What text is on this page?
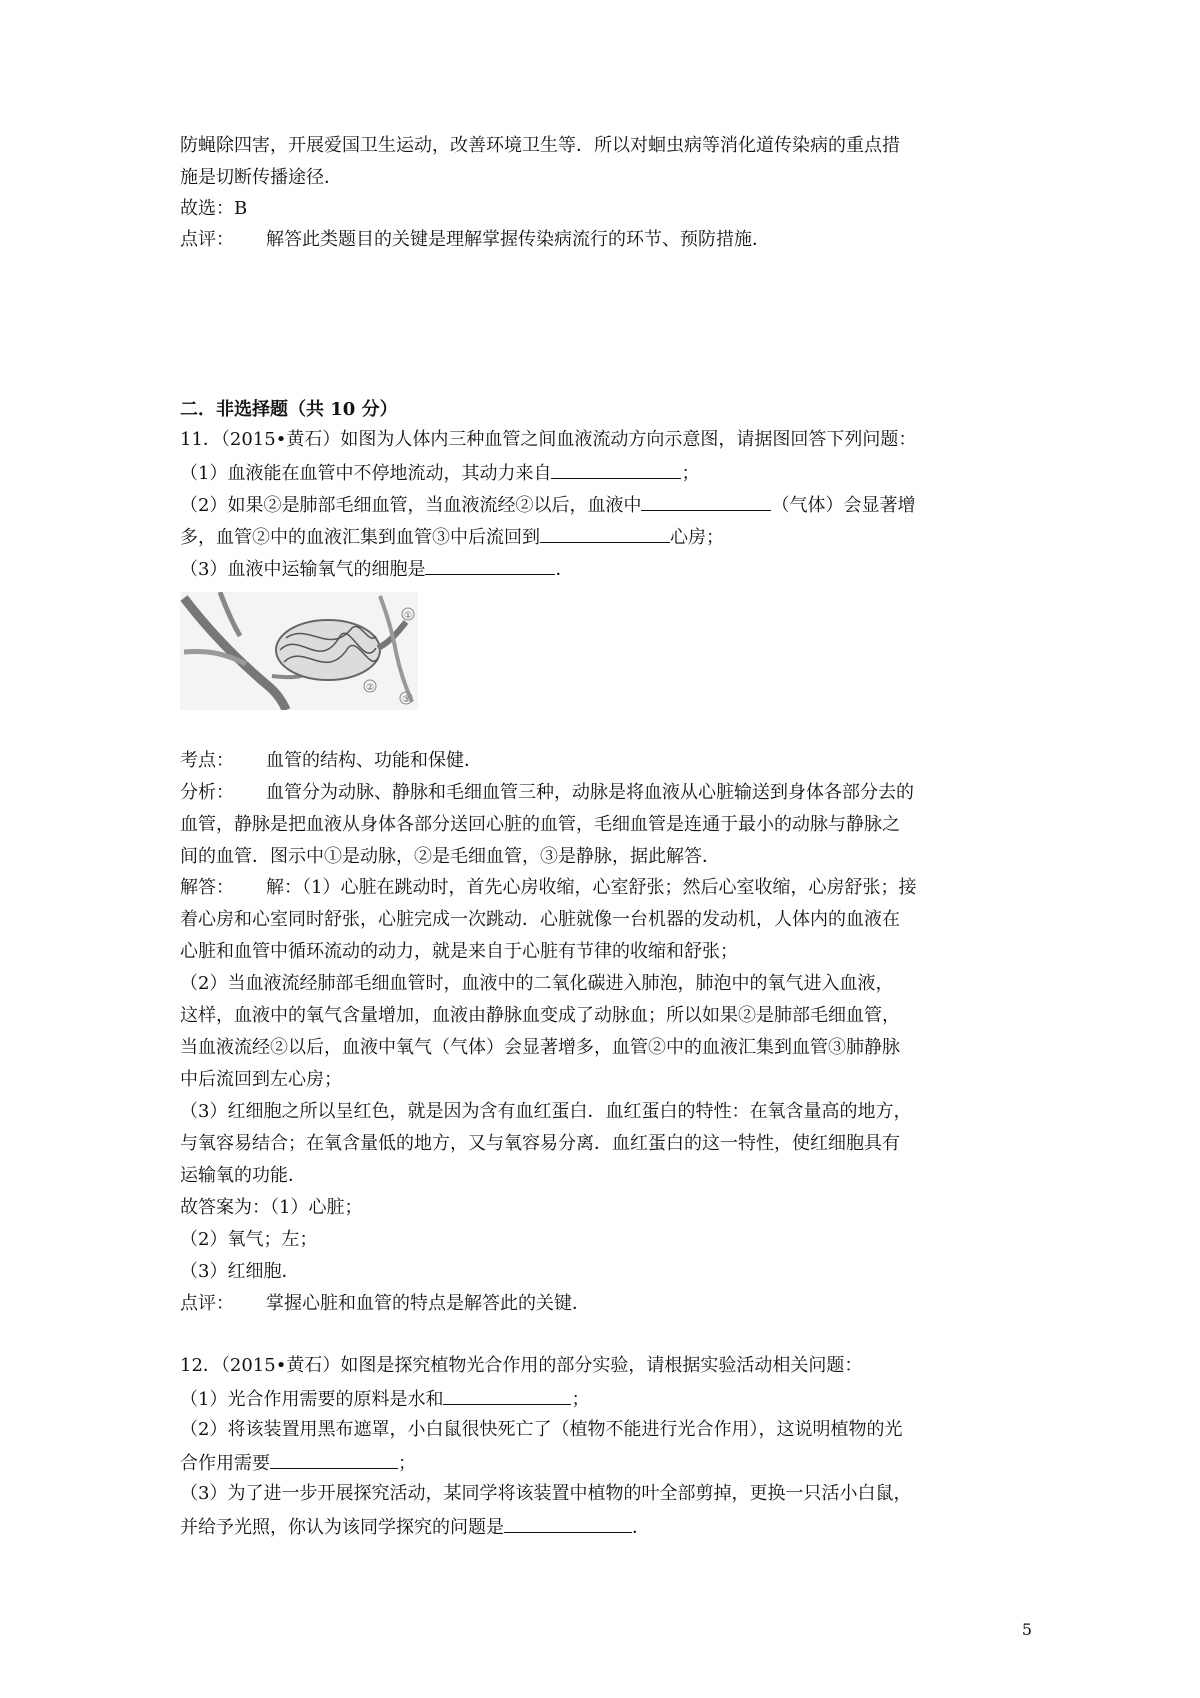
防蝇除四害，开展爱国卫生运动，改善环境卫生等．所以对蛔虫病等消化道传染病的重点措
施是切断传播途径．
故选：B
点评： 解答此类题目的关键是理解掌握传染病流行的环节、预防措施．
二．非选择题（共 10 分）
11．（2015•黄石）如图为人体内三种血管之间血液流动方向示意图，请据图回答下列问题：
（1）血液能在血管中不停地流动，其动力来自	；
（2）如果②是肺部毛细血管，当血液流经②以后，血液中	（气体）会显著增
多，血管②中的血液汇集到血管③中后流回到	心房；
（3）血液中运输氧气的细胞是	．
①
②
③
考点： 血管的结构、功能和保健．
分析： 血管分为动脉、静脉和毛细血管三种，动脉是将血液从心脏输送到身体各部分去的
血管，静脉是把血液从身体各部分送回心脏的血管，毛细血管是连通于最小的动脉与静脉之
间的血管．图示中①是动脉，②是毛细血管，③是静脉，据此解答．
解答： 解：（1）心脏在跳动时，首先心房收缩，心室舒张；然后心室收缩，心房舒张；接
着心房和心室同时舒张，心脏完成一次跳动．心脏就像一台机器的发动机，人体内的血液在
心脏和血管中循环流动的动力，就是来自于心脏有节律的收缩和舒张；
（2）当血液流经肺部毛细血管时，血液中的二氧化碳进入肺泡，肺泡中的氧气进入血液，
这样，血液中的氧气含量增加，血液由静脉血变成了动脉血；所以如果②是肺部毛细血管，
当血液流经②以后，血液中氧气（气体）会显著增多，血管②中的血液汇集到血管③肺静脉
中后流回到左心房；
（3）红细胞之所以呈红色，就是因为含有血红蛋白．血红蛋白的特性：在氧含量高的地方，
与氧容易结合；在氧含量低的地方，又与氧容易分离．血红蛋白的这一特性，使红细胞具有
运输氧的功能．
故答案为：（1）心脏；
（2）氧气；左；
（3）红细胞．
点评： 掌握心脏和血管的特点是解答此的关键．
12．（2015•黄石）如图是探究植物光合作用的部分实验，请根据实验活动相关问题：
（1）光合作用需要的原料是水和	；
（2）将该装置用黑布遮罩，小白鼠很快死亡了（植物不能进行光合作用），这说明植物的光
合作用需要	；
（3）为了进一步开展探究活动，某同学将该装置中植物的叶全部剪掉，更换一只活小白鼠，
并给予光照，你认为该同学探究的问题是	．
5
